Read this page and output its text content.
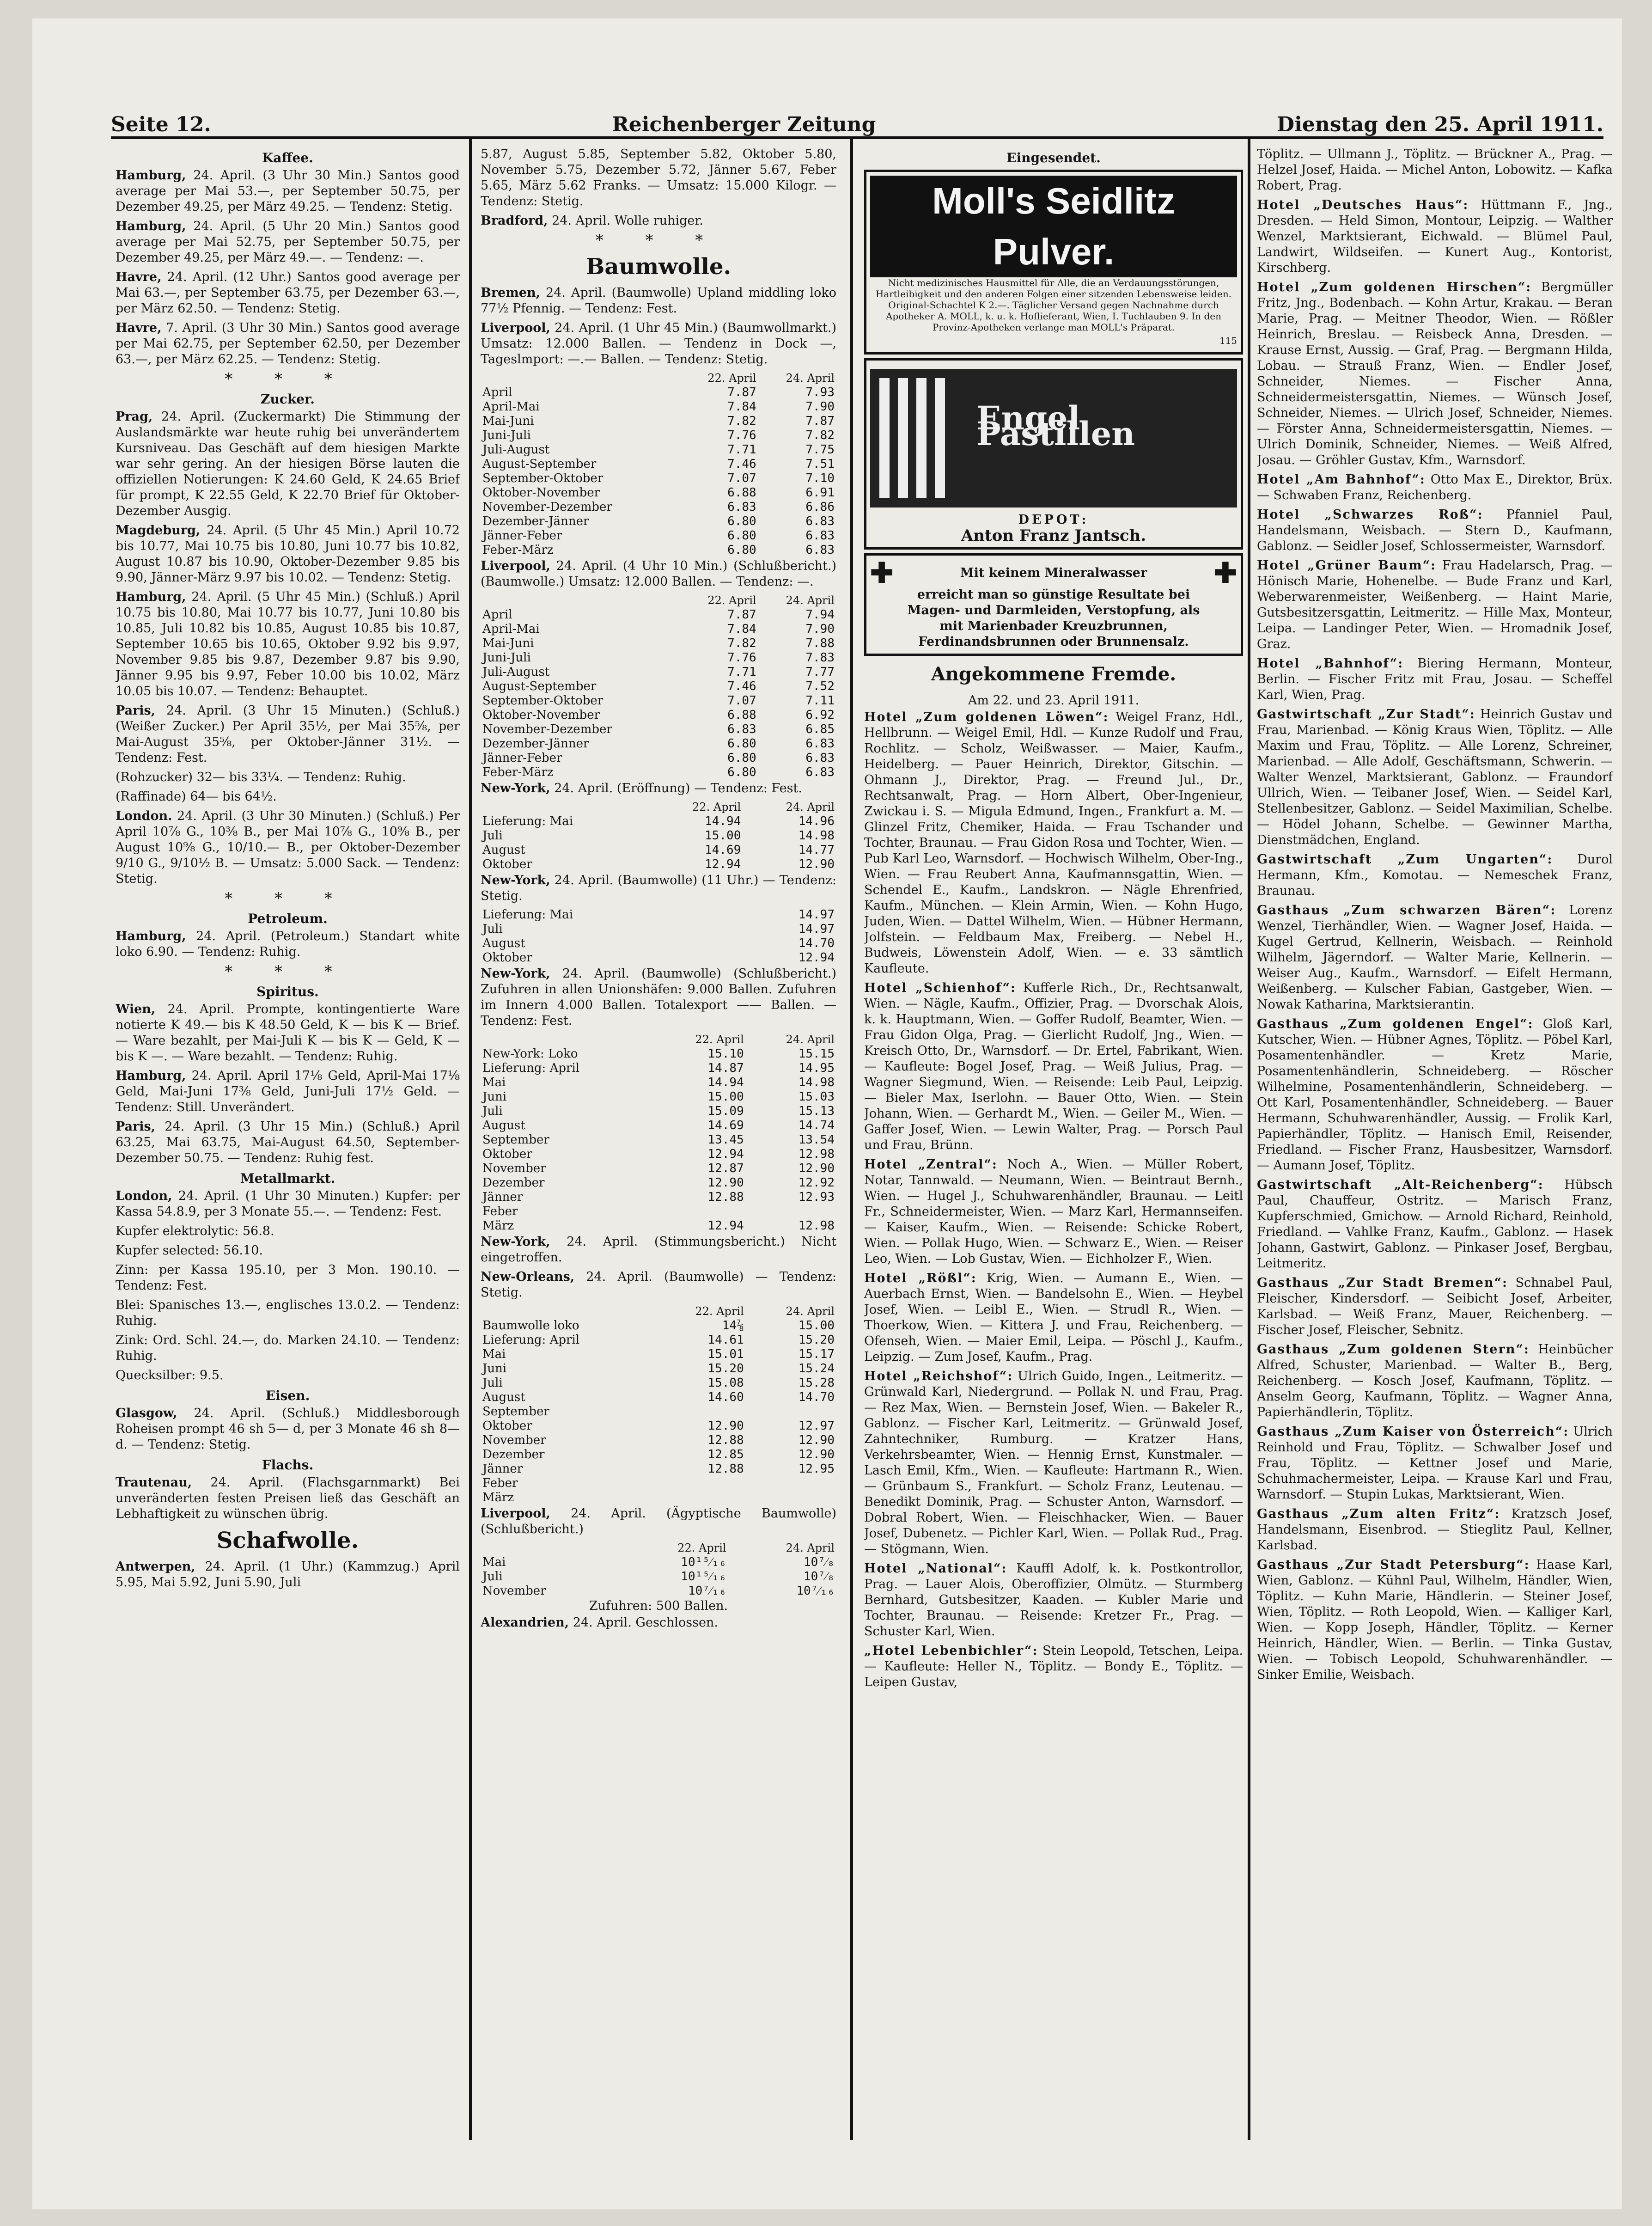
Seite 12.	Reichenberger Zeitung	Dienstag den 25. April 1911.
Kaffee.
Hamburg, 24. April. (3 Uhr 30 Min.) Santos good average per Mai 53.—, per September 50.75, per Dezember 49.25, per März 49.25. — Tendenz: Stetig.
Hamburg, 24. April. (5 Uhr 20 Min.) Santos good average per Mai 52.75, per September 50.75, per Dezember 49.25, per März 49.—. — Tendenz: —.
Havre, 24. April. (12 Uhr.) Santos good average per Mai 63.—, per September 63.75, per Dezember 63.—, per März 62.50. — Tendenz: Stetig.
Havre, 7. April. (3 Uhr 30 Min.) Santos good average per Mai 62.75, per September 62.50, per Dezember 63.—, per März 62.25. — Tendenz: Stetig.
* * *
Zucker.
Prag, 24. April. (Zuckermarkt) Die Stimmung der Auslandsmärkte war heute ruhig bei unverändertem Kursniveau. Das Geschäft auf dem hiesigen Markte war sehr gering. An der hiesigen Börse lauten die offiziellen Notierungen: K 24.60 Geld, K 24.65 Brief für prompt, K 22.55 Geld, K 22.70 Brief für Oktober-Dezember Ausgig.
Magdeburg, 24. April. (5 Uhr 45 Min.) April 10.72 bis 10.77, Mai 10.75 bis 10.80, Juni 10.77 bis 10.82, August 10.87 bis 10.90, Oktober-Dezember 9.85 bis 9.90, Jänner-März 9.97 bis 10.02. — Tendenz: Stetig.
Hamburg, 24. April. (5 Uhr 45 Min.) (Schluß.) April 10.75 bis 10.80, Mai 10.77 bis 10.77, Juni 10.80 bis 10.85, Juli 10.82 bis 10.85, August 10.85 bis 10.87, September 10.65 bis 10.65, Oktober 9.92 bis 9.97, November 9.85 bis 9.87, Dezember 9.87 bis 9.90, Jänner 9.95 bis 9.97, Feber 10.00 bis 10.02, März 10.05 bis 10.07. — Tendenz: Behauptet.
Paris, 24. April. (3 Uhr 15 Minuten.) (Schluß.) (Weißer Zucker.) Per April 35½, per Mai 35⅝, per Mai-August 35⅝, per Oktober-Jänner 31½. — Tendenz: Fest.
(Rohzucker) 32— bis 33¼. — Tendenz: Ruhig.
(Raffinade) 64— bis 64½.
London. 24. April. (3 Uhr 30 Minuten.) (Schluß.) Per April 10⁷⁄₈ G., 10³⁄₈ B., per Mai 10⁷⁄₈ G., 10⁹⁄₈ B., per August 10⁹⁄₈ G., 10/10.— B., per Oktober-Dezember 9/10 G., 9/10½ B. — Umsatz: 5.000 Sack. — Tendenz: Stetig.
* * *
Petroleum.
Hamburg, 24. April. (Petroleum.) Standart white loko 6.90. — Tendenz: Ruhig.
* * *
Spiritus.
Wien, 24. April. Prompte, kontingentierte Ware notierte K 49.— bis K 48.50 Geld, K — bis K — Brief. — Ware bezahlt, per Mai-Juli K — bis K — Geld, K — bis K —. — Ware bezahlt. — Tendenz: Ruhig.
Hamburg, 24. April. April 17⅛ Geld, April-Mai 17⅛ Geld, Mai-Juni 17⅜ Geld, Juni-Juli 17½ Geld. — Tendenz: Still. Unverändert.
Paris, 24. April. (3 Uhr 15 Min.) (Schluß.) April 63.25, Mai 63.75, Mai-August 64.50, September-Dezember 50.75. — Tendenz: Ruhig fest.
Metallmarkt.
London, 24. April. (1 Uhr 30 Minuten.) Kupfer: per Kassa 54.8.9, per 3 Monate 55.—. — Tendenz: Fest.
Kupfer elektrolytic: 56.8.
Kupfer selected: 56.10.
Zinn: per Kassa 195.10, per 3 Mon. 190.10. — Tendenz: Fest.
Blei: Spanisches 13.—, englisches 13.0.2. — Tendenz: Ruhig.
Zink: Ord. Schl. 24.—, do. Marken 24.10. — Tendenz: Ruhig.
Quecksilber: 9.5.
Eisen.
Glasgow, 24. April. (Schluß.) Middlesborough Roheisen prompt 46 sh 5— d, per 3 Monate 46 sh 8— d. — Tendenz: Stetig.
Flachs.
Trautenau, 24. April. (Flachsgarnmarkt) Bei unveränderten festen Preisen ließ das Geschäft an Lebhaftigkeit zu wünschen übrig.
Schafwolle.
Antwerpen, 24. April. (1 Uhr.) (Kammzug.) April 5.95, Mai 5.92, Juni 5.90, Juli
5.87, August 5.85, September 5.82, Oktober 5.80, November 5.75, Dezember 5.72, Jänner 5.67, Feber 5.65, März 5.62 Franks. — Umsatz: 15.000 Kilogr. — Tendenz: Stetig.
Bradford, 24. April. Wolle ruhiger.
* * *
Baumwolle.
Bremen, 24. April. (Baumwolle) Upland middling loko 77½ Pfennig. — Tendenz: Fest.
Liverpool, 24. April. (1 Uhr 45 Min.) (Baumwollmarkt.) Umsatz: 12.000 Ballen. — Tendenz in Dock —, Tageslmport: —.— Ballen. — Tendenz: Stetig.
	22. April	24. April
April	7.87	7.93
April-Mai	7.84	7.90
Mai-Juni	7.82	7.87
Juni-Juli	7.76	7.82
Juli-August	7.71	7.75
August-September	7.46	7.51
September-Oktober	7.07	7.10
Oktober-November	6.88	6.91
November-Dezember	6.83	6.86
Dezember-Jänner	6.80	6.83
Jänner-Feber	6.80	6.83
Feber-März	6.80	6.83
Liverpool, 24. April. (4 Uhr 10 Min.) (Schlußbericht.) (Baumwolle.) Umsatz: 12.000 Ballen. — Tendenz: —.
	22. April	24. April
April	7.87	7.94
April-Mai	7.84	7.90
Mai-Juni	7.82	7.88
Juni-Juli	7.76	7.83
Juli-August	7.71	7.77
August-September	7.46	7.52
September-Oktober	7.07	7.11
Oktober-November	6.88	6.92
November-Dezember	6.83	6.85
Dezember-Jänner	6.80	6.83
Jänner-Feber	6.80	6.83
Feber-März	6.80	6.83
New-York, 24. April. (Eröffnung) — Tendenz: Fest.
	22. April	24. April
Lieferung: Mai	14.94	14.96
Juli	15.00	14.98
August	14.69	14.77
Oktober	12.94	12.90
New-York, 24. April. (Baumwolle) (11 Uhr.) — Tendenz: Stetig.
Lieferung: Mai		14.97
Juli		14.97
August		14.70
Oktober		12.94
New-York, 24. April. (Baumwolle) (Schlußbericht.) Zufuhren in allen Unionshäfen: 9.000 Ballen. Zufuhren im Innern 4.000 Ballen. Totalexport —— Ballen. — Tendenz: Fest.
	22. April	24. April
New-York: Loko	15.10	15.15
Lieferung: April	14.87	14.95
Mai	14.94	14.98
Juni	15.00	15.03
Juli	15.09	15.13
August	14.69	14.74
September	13.45	13.54
Oktober	12.94	12.98
November	12.87	12.90
Dezember	12.90	12.92
Jänner	12.88	12.93
Feber		
März	12.94	12.98
New-York, 24. April. (Stimmungsbericht.) Nicht eingetroffen.
New-Orleans, 24. April. (Baumwolle) — Tendenz: Stetig.
	22. April	24. April
Baumwolle loko	14⅞	15.00
Lieferung: April	14.61	15.20
Mai	15.01	15.17
Juni	15.20	15.24
Juli	15.08	15.28
August	14.60	14.70
September		
Oktober	12.90	12.97
November	12.88	12.90
Dezember	12.85	12.90
Jänner	12.88	12.95
Feber		
März		
Liverpool, 24. April. (Ägyptische Baumwolle) (Schlußbericht.)
	22. April	24. April
Mai	10¹⁵⁄₁₆	10⁷⁄₈
Juli	10¹⁵⁄₁₆	10⁷⁄₈
November	10⁷⁄₁₆	10⁷⁄₁₆
Zufuhren: 500 Ballen.
Alexandrien, 24. April. Geschlossen.
Eingesendet.
Moll's Seidlitz Pulver.
Nicht medizinisches Hausmittel für Alle, die an Verdauungsstörungen, Hartleibigkeit und den anderen Folgen einer sitzenden Lebensweise leiden. Original-Schachtel K 2.—. Täglicher Versand gegen Nachnahme durch Apotheker A. MOLL, k. u. k. Hoflieferant, Wien, I. Tuchlauben 9. In den Provinz-Apotheken verlange man MOLL's Präparat.
115
Engel Pastillen
DEPOT:
Anton Franz Jantsch.
✚	Mit keinem Mineralwasser ✚
erreicht man so günstige Resultate bei
Magen- und Darmleiden, Verstopfung, als
mit Marienbader Kreuzbrunnen,
Ferdinandsbrunnen oder Brunnensalz.
Angekommene Fremde.
Am 22. und 23. April 1911.
Hotel „Zum goldenen Löwen“: Weigel Franz, Hdl., Hellbrunn. — Weigel Emil, Hdl. — Kunze Rudolf und Frau, Rochlitz. — Scholz, Weißwasser. — Maier, Kaufm., Heidelberg. — Pauer Heinrich, Direktor, Gitschin. — Ohmann J., Direktor, Prag. — Freund Jul., Dr., Rechtsanwalt, Prag. — Horn Albert, Ober-Ingenieur, Zwickau i. S. — Migula Edmund, Ingen., Frankfurt a. M. — Glinzel Fritz, Chemiker, Haida. — Frau Tschander und Tochter, Braunau. — Frau Gidon Rosa und Tochter, Wien. — Pub Karl Leo, Warnsdorf. — Hochwisch Wilhelm, Ober-Ing., Wien. — Frau Reubert Anna, Kaufmannsgattin, Wien. — Schendel E., Kaufm., Landskron. — Nägle Ehrenfried, Kaufm., München. — Klein Armin, Wien. — Kohn Hugo, Juden, Wien. — Dattel Wilhelm, Wien. — Hübner Hermann, Jolfstein. — Feldbaum Max, Freiberg. — Nebel H., Budweis, Löwenstein Adolf, Wien. — e. 33 sämtlich Kaufleute.
Hotel „Schienhof“: Kufferle Rich., Dr., Rechtsanwalt, Wien. — Nägle, Kaufm., Offizier, Prag. — Dvorschak Alois, k. k. Hauptmann, Wien. — Goffer Rudolf, Beamter, Wien. — Frau Gidon Olga, Prag. — Gierlicht Rudolf, Jng., Wien. — Kreisch Otto, Dr., Warnsdorf. — Dr. Ertel, Fabrikant, Wien. — Kaufleute: Bogel Josef, Prag. — Weiß Julius, Prag. — Wagner Siegmund, Wien. — Reisende: Leib Paul, Leipzig. — Bieler Max, Iserlohn. — Bauer Otto, Wien. — Stein Johann, Wien. — Gerhardt M., Wien. — Geiler M., Wien. — Gaffer Josef, Wien. — Lewin Walter, Prag. — Porsch Paul und Frau, Brünn.
Hotel „Zentral“: Noch A., Wien. — Müller Robert, Notar, Tannwald. — Neumann, Wien. — Beintraut Bernh., Wien. — Hugel J., Schuhwarenhändler, Braunau. — Leitl Fr., Schneidermeister, Wien. — Marz Karl, Hermannseifen. — Kaiser, Kaufm., Wien. — Reisende: Schicke Robert, Wien. — Pollak Hugo, Wien. — Schwarz E., Wien. — Reiser Leo, Wien. — Lob Gustav, Wien. — Eichholzer F., Wien.
Hotel „Rößl“: Krig, Wien. — Aumann E., Wien. — Auerbach Ernst, Wien. — Bandelsohn E., Wien. — Heybel Josef, Wien. — Leibl E., Wien. — Strudl R., Wien. — Thoerkow, Wien. — Kittera J. und Frau, Reichenberg. — Ofenseh, Wien. — Maier Emil, Leipa. — Pöschl J., Kaufm., Leipzig. — Zum Josef, Kaufm., Prag.
Hotel „Reichshof“: Ulrich Guido, Ingen., Leitmeritz. — Grünwald Karl, Niedergrund. — Pollak N. und Frau, Prag. — Rez Max, Wien. — Bernstein Josef, Wien. — Bakeler R., Gablonz. — Fischer Karl, Leitmeritz. — Grünwald Josef, Zahntechniker, Rumburg. — Kratzer Hans, Verkehrsbeamter, Wien. — Hennig Ernst, Kunstmaler. — Lasch Emil, Kfm., Wien. — Kaufleute: Hartmann R., Wien. — Grünbaum S., Frankfurt. — Scholz Franz, Leutenau. — Benedikt Dominik, Prag. — Schuster Anton, Warnsdorf. — Dobral Robert, Wien. — Fleischhacker, Wien. — Bauer Josef, Dubenetz. — Pichler Karl, Wien. — Pollak Rud., Prag. — Stögmann, Wien.
Hotel „National“: Kauffl Adolf, k. k. Postkontrollor, Prag. — Lauer Alois, Oberoffizier, Olmütz. — Sturmberg Bernhard, Gutsbesitzer, Kaaden. — Kubler Marie und Tochter, Braunau. — Reisende: Kretzer Fr., Prag. — Schuster Karl, Wien.
„Hotel Lebenbichler“: Stein Leopold, Tetschen, Leipa. — Kaufleute: Heller N., Töplitz. — Bondy E., Töplitz. — Leipen Gustav,
Töplitz. — Ullmann J., Töplitz. — Brückner A., Prag. — Helzel Josef, Haida. — Michel Anton, Lobowitz. — Kafka Robert, Prag.
Hotel „Deutsches Haus“: Hüttmann F., Jng., Dresden. — Held Simon, Montour, Leipzig. — Walther Wenzel, Marktsierant, Eichwald. — Blümel Paul, Landwirt, Wildseifen. — Kunert Aug., Kontorist, Kirschberg.
Hotel „Zum goldenen Hirschen“: Bergmüller Fritz, Jng., Bodenbach. — Kohn Artur, Krakau. — Beran Marie, Prag. — Meitner Theodor, Wien. — Rößler Heinrich, Breslau. — Reisbeck Anna, Dresden. — Krause Ernst, Aussig. — Graf, Prag. — Bergmann Hilda, Lobau. — Strauß Franz, Wien. — Endler Josef, Schneider, Niemes. — Fischer Anna, Schneidermeistersgattin, Niemes. — Wünsch Josef, Schneider, Niemes. — Ulrich Josef, Schneider, Niemes. — Förster Anna, Schneidermeistersgattin, Niemes. — Ulrich Dominik, Schneider, Niemes. — Weiß Alfred, Josau. — Gröhler Gustav, Kfm., Warnsdorf.
Hotel „Am Bahnhof“: Otto Max E., Direktor, Brüx. — Schwaben Franz, Reichenberg.
Hotel „Schwarzes Roß“: Pfanniel Paul, Handelsmann, Weisbach. — Stern D., Kaufmann, Gablonz. — Seidler Josef, Schlossermeister, Warnsdorf.
Hotel „Grüner Baum“: Frau Hadelarsch, Prag. — Hönisch Marie, Hohenelbe. — Bude Franz und Karl, Weberwarenmeister, Weißenberg. — Haint Marie, Gutsbesitzersgattin, Leitmeritz. — Hille Max, Monteur, Leipa. — Landinger Peter, Wien. — Hromadnik Josef, Graz.
Hotel „Bahnhof“: Biering Hermann, Monteur, Berlin. — Fischer Fritz mit Frau, Josau. — Scheffel Karl, Wien, Prag.
Gastwirtschaft „Zur Stadt“: Heinrich Gustav und Frau, Marienbad. — König Kraus Wien, Töplitz. — Alle Maxim und Frau, Töplitz. — Alle Lorenz, Schreiner, Marienbad. — Alle Adolf, Geschäftsmann, Schwerin. — Walter Wenzel, Marktsierant, Gablonz. — Fraundorf Ullrich, Wien. — Teibaner Josef, Wien. — Seidel Karl, Stellenbesitzer, Gablonz. — Seidel Maximilian, Schelbe. — Hödel Johann, Schelbe. — Gewinner Martha, Dienstmädchen, England.
Gastwirtschaft „Zum Ungarten“: Durol Hermann, Kfm., Komotau. — Nemeschek Franz, Braunau.
Gasthaus „Zum schwarzen Bären“: Lorenz Wenzel, Tierhändler, Wien. — Wagner Josef, Haida. — Kugel Gertrud, Kellnerin, Weisbach. — Reinhold Wilhelm, Jägerndorf. — Walter Marie, Kellnerin. — Weiser Aug., Kaufm., Warnsdorf. — Eifelt Hermann, Weißenberg. — Kulscher Fabian, Gastgeber, Wien. — Nowak Katharina, Marktsierantin.
Gasthaus „Zum goldenen Engel“: Gloß Karl, Kutscher, Wien. — Hübner Agnes, Töplitz. — Pöbel Karl, Posamentenhändler. — Kretz Marie, Posamentenhändlerin, Schneideberg. — Röscher Wilhelmine, Posamentenhändlerin, Schneideberg. — Ott Karl, Posamentenhändler, Schneideberg. — Bauer Hermann, Schuhwarenhändler, Aussig. — Frolik Karl, Papierhändler, Töplitz. — Hanisch Emil, Reisender, Friedland. — Fischer Franz, Hausbesitzer, Warnsdorf. — Aumann Josef, Töplitz.
Gastwirtschaft „Alt-Reichenberg“: Hübsch Paul, Chauffeur, Ostritz. — Marisch Franz, Kupferschmied, Gmichow. — Arnold Richard, Reinhold, Friedland. — Vahlke Franz, Kaufm., Gablonz. — Hasek Johann, Gastwirt, Gablonz. — Pinkaser Josef, Bergbau, Leitmeritz.
Gasthaus „Zur Stadt Bremen“: Schnabel Paul, Fleischer, Kindersdorf. — Seibicht Josef, Arbeiter, Karlsbad. — Weiß Franz, Mauer, Reichenberg. — Fischer Josef, Fleischer, Sebnitz.
Gasthaus „Zum goldenen Stern“: Heinbücher Alfred, Schuster, Marienbad. — Walter B., Berg, Reichenberg. — Kosch Josef, Kaufmann, Töplitz. — Anselm Georg, Kaufmann, Töplitz. — Wagner Anna, Papierhändlerin, Töplitz.
Gasthaus „Zum Kaiser von Österreich“: Ulrich Reinhold und Frau, Töplitz. — Schwalber Josef und Frau, Töplitz. — Kettner Josef und Marie, Schuhmachermeister, Leipa. — Krause Karl und Frau, Warnsdorf. — Stupin Lukas, Marktsierant, Wien.
Gasthaus „Zum alten Fritz“: Kratzsch Josef, Handelsmann, Eisenbrod. — Stieglitz Paul, Kellner, Karlsbad.
Gasthaus „Zur Stadt Petersburg“: Haase Karl, Wien, Gablonz. — Kühnl Paul, Wilhelm, Händler, Wien, Töplitz. — Kuhn Marie, Händlerin. — Steiner Josef, Wien, Töplitz. — Roth Leopold, Wien. — Kalliger Karl, Wien. — Kopp Joseph, Händler, Töplitz. — Kerner Heinrich, Händler, Wien. — Berlin. — Tinka Gustav, Wien. — Tobisch Leopold, Schuhwarenhändler. — Sinker Emilie, Weisbach.
